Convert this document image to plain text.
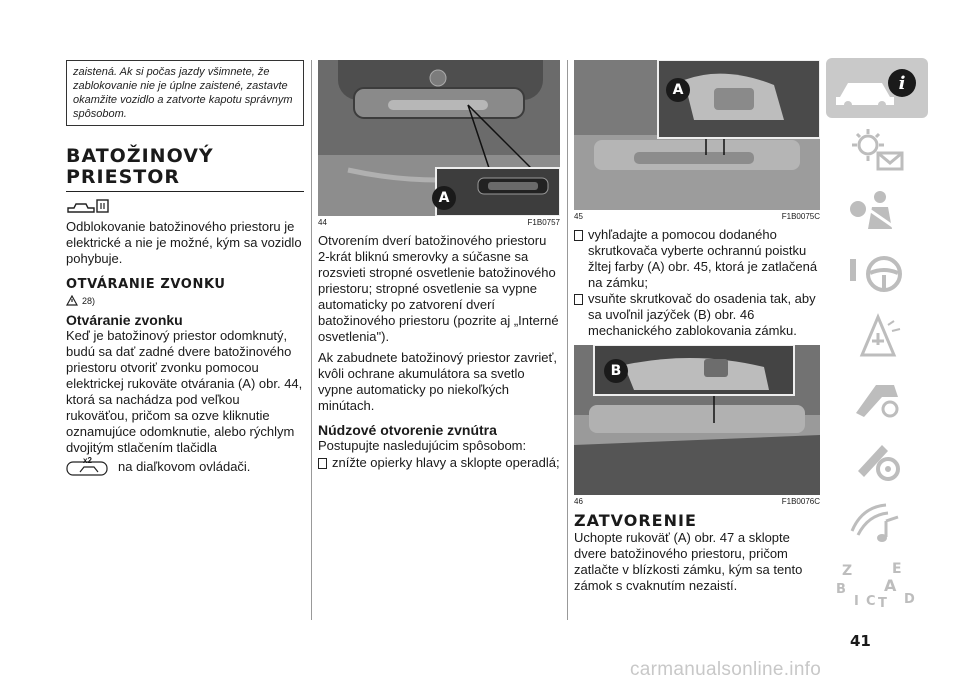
zaistená. Ak si počas jazdy všimnete, že zablokovanie nie je úplne zaistené, zastavte okamžite vozidlo a zatvorte kapotu správnym spôsobom.
BATOŽINOVÝ PRIESTOR

Odblokovanie batožinového priestoru je elektrické a nie je možné, kým sa vozidlo pohybuje.

OTVÁRANIE ZVONKU
28)
Otváranie zvonku

Keď je batožinový priestor odomknutý, budú sa dať zadné dvere batožinového priestoru otvoriť zvonku pomocou elektrickej rukoväte otvárania (A) obr. 44, ktorá sa nachádza pod veľkou rukoväťou, pričom sa ozve kliknutie oznamujúce odomknutie, alebo rýchlym dvojitým stlačením tlačidla

x2 na diaľkovom ovládači.

A
44	F1B0757

Otvorením dverí batožinového priestoru 2-krát bliknú smerovky a súčasne sa rozsvieti stropné osvetlenie batožinového priestoru; stropné osvetlenie sa vypne automaticky po zatvorení dverí batožinového priestoru (pozrite aj „Interné osvetlenia").

Ak zabudnete batožinový priestor zavrieť, kvôli ochrane akumulátora sa svetlo vypne automaticky po niekoľkých minútach.

Núdzové otvorenie zvnútra

Postupujte nasledujúcim spôsobom:

znížte opierky hlavy a sklopte operadlá;

A
45	F1B0075C

vyhľadajte a pomocou dodaného skrutkovača vyberte ochrannú poistku žltej farby (A) obr. 45, ktorá je zatlačená na zámku;

vsuňte skrutkovač do osadenia tak, aby sa uvoľnil jazýček (B) obr. 46 mechanického zablokovania zámku.

B
46	F1B0076C
ZATVORENIE

Uchopte rukoväť (A) obr. 47 a sklopte dvere batožinového priestoru, pričom zatlačte v blízkosti zámku, kým sa tento zámok s cvaknutím nezaistí.

i
Z	E
B A
I C T D
41
carmanualsonline.info
